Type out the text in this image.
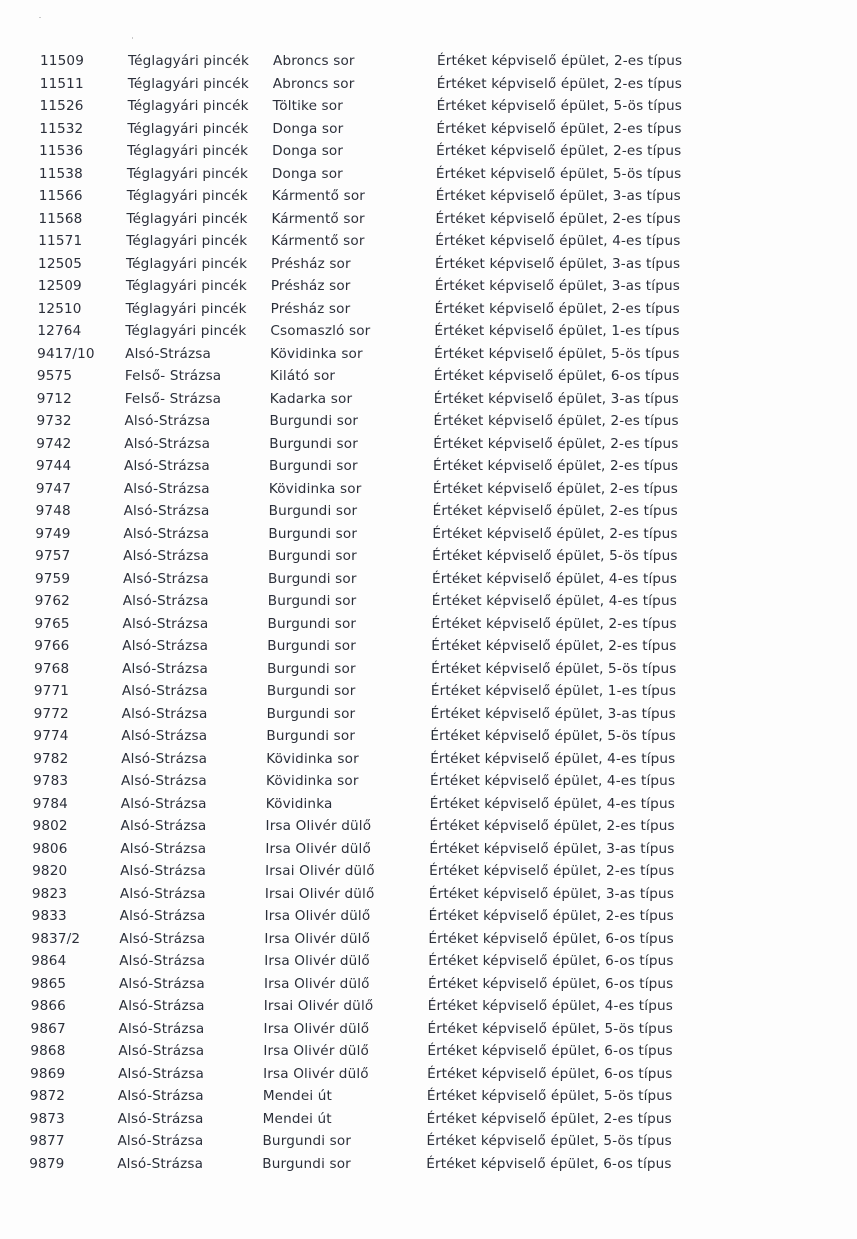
11509	Téglagyári pincék	Abroncs sor	Értéket képviselő épület, 2-es típus
11511	Téglagyári pincék	Abroncs sor	Értéket képviselő épület, 2-es típus
11526	Téglagyári pincék	Töltike sor	Értéket képviselő épület, 5-ös típus
11532	Téglagyári pincék	Donga sor	Értéket képviselő épület, 2-es típus
11536	Téglagyári pincék	Donga sor	Értéket képviselő épület, 2-es típus
11538	Téglagyári pincék	Donga sor	Értéket képviselő épület, 5-ös típus
11566	Téglagyári pincék	Kármentő sor	Értéket képviselő épület, 3-as típus
11568	Téglagyári pincék	Kármentő sor	Értéket képviselő épület, 2-es típus
11571	Téglagyári pincék	Kármentő sor	Értéket képviselő épület, 4-es típus
12505	Téglagyári pincék	Présház sor	Értéket képviselő épület, 3-as típus
12509	Téglagyári pincék	Présház sor	Értéket képviselő épület, 3-as típus
12510	Téglagyári pincék	Présház sor	Értéket képviselő épület, 2-es típus
12764	Téglagyári pincék	Csomaszló sor	Értéket képviselő épület, 1-es típus
9417/10	Alsó-Strázsa	Kövidinka sor	Értéket képviselő épület, 5-ös típus
9575	Felső- Strázsa	Kilátó sor	Értéket képviselő épület, 6-os típus
9712	Felső- Strázsa	Kadarka sor	Értéket képviselő épület, 3-as típus
9732	Alsó-Strázsa	Burgundi sor	Értéket képviselő épület, 2-es típus
9742	Alsó-Strázsa	Burgundi sor	Értéket képviselő épület, 2-es típus
9744	Alsó-Strázsa	Burgundi sor	Értéket képviselő épület, 2-es típus
9747	Alsó-Strázsa	Kövidinka sor	Értéket képviselő épület, 2-es típus
9748	Alsó-Strázsa	Burgundi sor	Értéket képviselő épület, 2-es típus
9749	Alsó-Strázsa	Burgundi sor	Értéket képviselő épület, 2-es típus
9757	Alsó-Strázsa	Burgundi sor	Értéket képviselő épület, 5-ös típus
9759	Alsó-Strázsa	Burgundi sor	Értéket képviselő épület, 4-es típus
9762	Alsó-Strázsa	Burgundi sor	Értéket képviselő épület, 4-es típus
9765	Alsó-Strázsa	Burgundi sor	Értéket képviselő épület, 2-es típus
9766	Alsó-Strázsa	Burgundi sor	Értéket képviselő épület, 2-es típus
9768	Alsó-Strázsa	Burgundi sor	Értéket képviselő épület, 5-ös típus
9771	Alsó-Strázsa	Burgundi sor	Értéket képviselő épület, 1-es típus
9772	Alsó-Strázsa	Burgundi sor	Értéket képviselő épület, 3-as típus
9774	Alsó-Strázsa	Burgundi sor	Értéket képviselő épület, 5-ös típus
9782	Alsó-Strázsa	Kövidinka sor	Értéket képviselő épület, 4-es típus
9783	Alsó-Strázsa	Kövidinka sor	Értéket képviselő épület, 4-es típus
9784	Alsó-Strázsa	Kövidinka	Értéket képviselő épület, 4-es típus
9802	Alsó-Strázsa	Irsa Olivér dülő	Értéket képviselő épület, 2-es típus
9806	Alsó-Strázsa	Irsa Olivér dülő	Értéket képviselő épület, 3-as típus
9820	Alsó-Strázsa	Irsai Olivér dülő	Értéket képviselő épület, 2-es típus
9823	Alsó-Strázsa	Irsai Olivér dülő	Értéket képviselő épület, 3-as típus
9833	Alsó-Strázsa	Irsa Olivér dülő	Értéket képviselő épület, 2-es típus
9837/2	Alsó-Strázsa	Irsa Olivér dülő	Értéket képviselő épület, 6-os típus
9864	Alsó-Strázsa	Irsa Olivér dülő	Értéket képviselő épület, 6-os típus
9865	Alsó-Strázsa	Irsa Olivér dülő	Értéket képviselő épület, 6-os típus
9866	Alsó-Strázsa	Irsai Olivér dülő	Értéket képviselő épület, 4-es típus
9867	Alsó-Strázsa	Irsa Olivér dülő	Értéket képviselő épület, 5-ös típus
9868	Alsó-Strázsa	Irsa Olivér dülő	Értéket képviselő épület, 6-os típus
9869	Alsó-Strázsa	Irsa Olivér dülő	Értéket képviselő épület, 6-os típus
9872	Alsó-Strázsa	Mendei út	Értéket képviselő épület, 5-ös típus
9873	Alsó-Strázsa	Mendei út	Értéket képviselő épület, 2-es típus
9877	Alsó-Strázsa	Burgundi sor	Értéket képviselő épület, 5-ös típus
9879	Alsó-Strázsa	Burgundi sor	Értéket képviselő épület, 6-os típus
